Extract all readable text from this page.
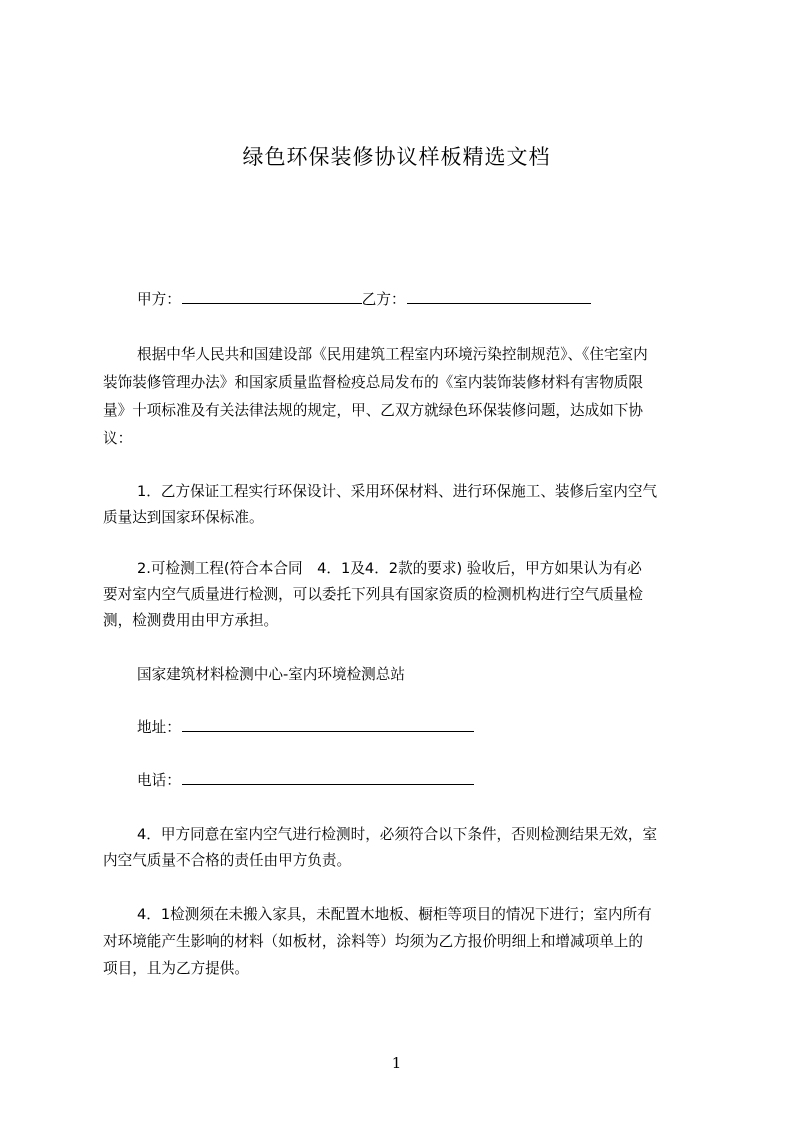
绿色环保装修协议样板精选文档
甲方：	乙方：
根据中华人民共和国建设部《民用建筑工程室内环境污染控制规范》、《住宅室内
装饰装修管理办法》和国家质量监督检疫总局发布的《室内装饰装修材料有害物质限
量》十项标准及有关法律法规的规定，甲、乙双方就绿色环保装修问题，达成如下协
议：
1．乙方保证工程实行环保设计、采用环保材料、进行环保施工、装修后室内空气
质量达到国家环保标准。
2.可检测工程(符合本合同　4．1及4．2款的要求) 验收后，甲方如果认为有必
要对室内空气质量进行检测，可以委托下列具有国家资质的检测机构进行空气质量检
测，检测费用由甲方承担。
国家建筑材料检测中心-室内环境检测总站
地址：
电话：
4．甲方同意在室内空气进行检测时，必须符合以下条件，否则检测结果无效，室
内空气质量不合格的责任由甲方负责。
4．1检测须在未搬入家具，未配置木地板、橱柜等项目的情况下进行；室内所有
对环境能产生影响的材料（如板材，涂料等）均须为乙方报价明细上和增减项单上的
项目，且为乙方提供。
1
